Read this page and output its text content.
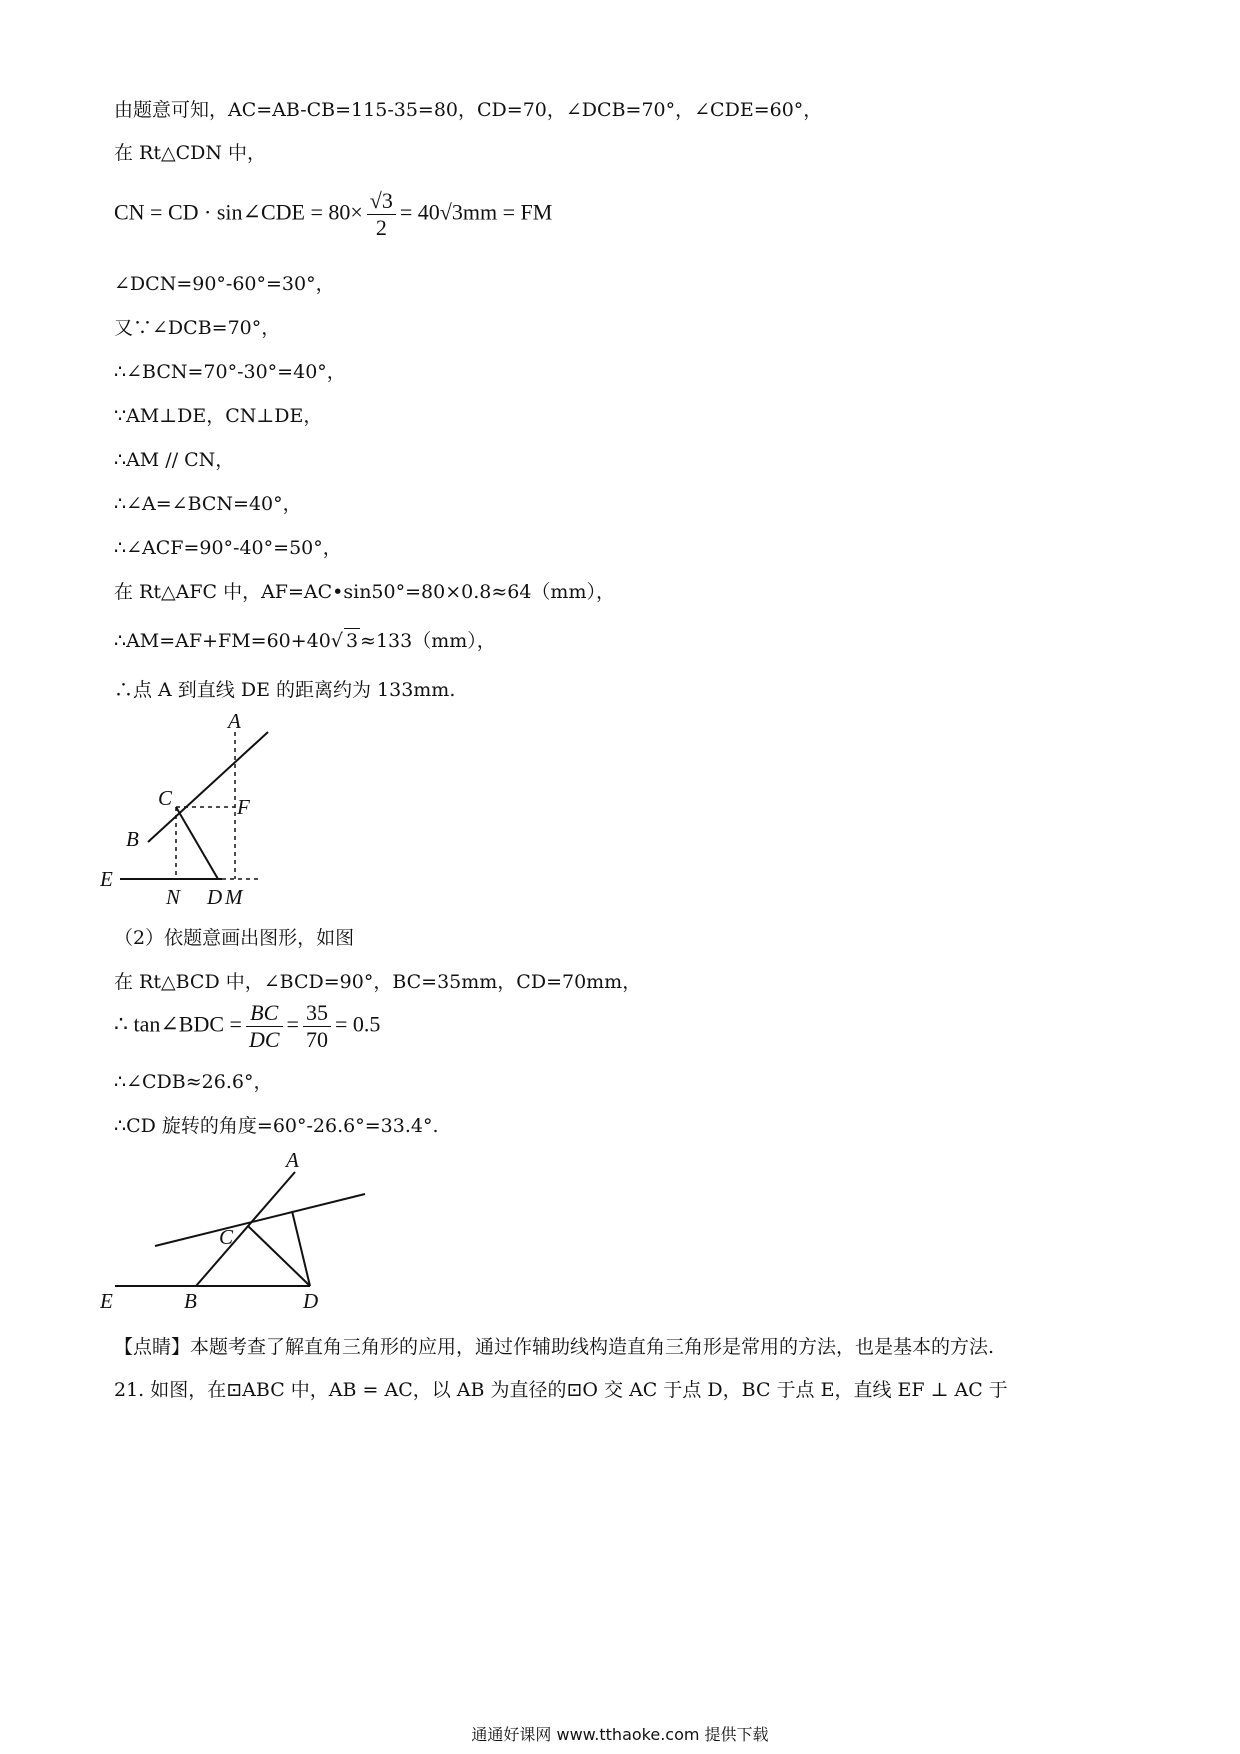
由题意可知，AC=AB-CB=115-35=80，CD=70，∠DCB=70°，∠CDE=60°，
在 Rt△CDN 中，
CN = CD · sin∠CDE = $80\times \frac{√3}{2} = 40√3mm$ = FM
∠DCN=90°-60°=30°，
又∵∠DCB=70°，
∴∠BCN=70°-30°=40°，
∵AM⊥DE，CN⊥DE，
∴AM // CN，
∴∠A=∠BCN=40°，
∴∠ACF=90°-40°=50°，
在 Rt△AFC 中，AF=AC•sin50°=80×0.8≈64（mm），
∴AM=AF+FM=60+40√ 3 ≈133（mm），
∴点 A 到直线 DE 的距离约为 133mm.
A
C	F
B
E
N D M
（2）依题意画出图形，如图
在 Rt△BCD 中，∠BCD=90°，BC=35mm，CD=70mm，
∴ tan∠BDC = $\frac{BC}{DC} = \frac{35}{70} = 0.5$
∴∠CDB≈26.6°，
∴CD 旋转的角度=60°-26.6°=33.4°.
A
C
E	B	D
【点睛】本题考查了解直角三角形的应用，通过作辅助线构造直角三角形是常用的方法，也是基本的方法.
21. 如图，在⊡ABC 中，AB = AC，以 AB 为直径的⊡O 交 AC 于点 D，BC 于点 E，直线 EF ⊥ AC 于
通通好课网 www.tthaoke.com 提供下载
